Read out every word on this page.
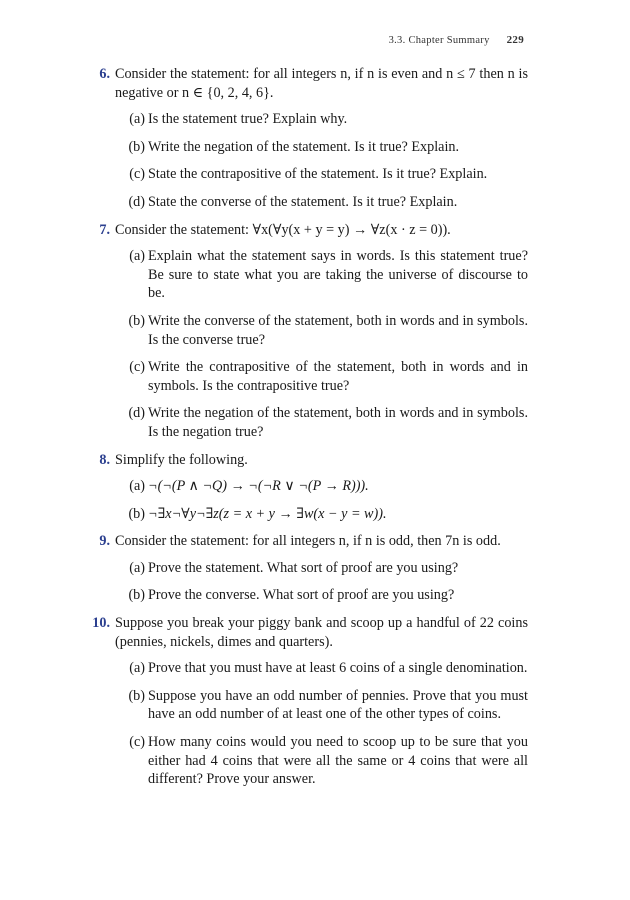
3.3. Chapter Summary 229
6. Consider the statement: for all integers n, if n is even and n ≤ 7 then n is negative or n ∈ {0, 2, 4, 6}.
(a) Is the statement true? Explain why.
(b) Write the negation of the statement. Is it true? Explain.
(c) State the contrapositive of the statement. Is it true? Explain.
(d) State the converse of the statement. Is it true? Explain.
7. Consider the statement: ∀x(∀y(x + y = y) → ∀z(x · z = 0)).
(a) Explain what the statement says in words. Is this statement true? Be sure to state what you are taking the universe of discourse to be.
(b) Write the converse of the statement, both in words and in symbols. Is the converse true?
(c) Write the contrapositive of the statement, both in words and in symbols. Is the contrapositive true?
(d) Write the negation of the statement, both in words and in symbols. Is the negation true?
8. Simplify the following.
(a) ¬(¬(P ∧ ¬Q) → ¬(¬R ∨ ¬(P → R))).
(b) ¬∃x¬∀y¬∃z(z = x + y → ∃w(x − y = w)).
9. Consider the statement: for all integers n, if n is odd, then 7n is odd.
(a) Prove the statement. What sort of proof are you using?
(b) Prove the converse. What sort of proof are you using?
10. Suppose you break your piggy bank and scoop up a handful of 22 coins (pennies, nickels, dimes and quarters).
(a) Prove that you must have at least 6 coins of a single denomination.
(b) Suppose you have an odd number of pennies. Prove that you must have an odd number of at least one of the other types of coins.
(c) How many coins would you need to scoop up to be sure that you either had 4 coins that were all the same or 4 coins that were all different? Prove your answer.
